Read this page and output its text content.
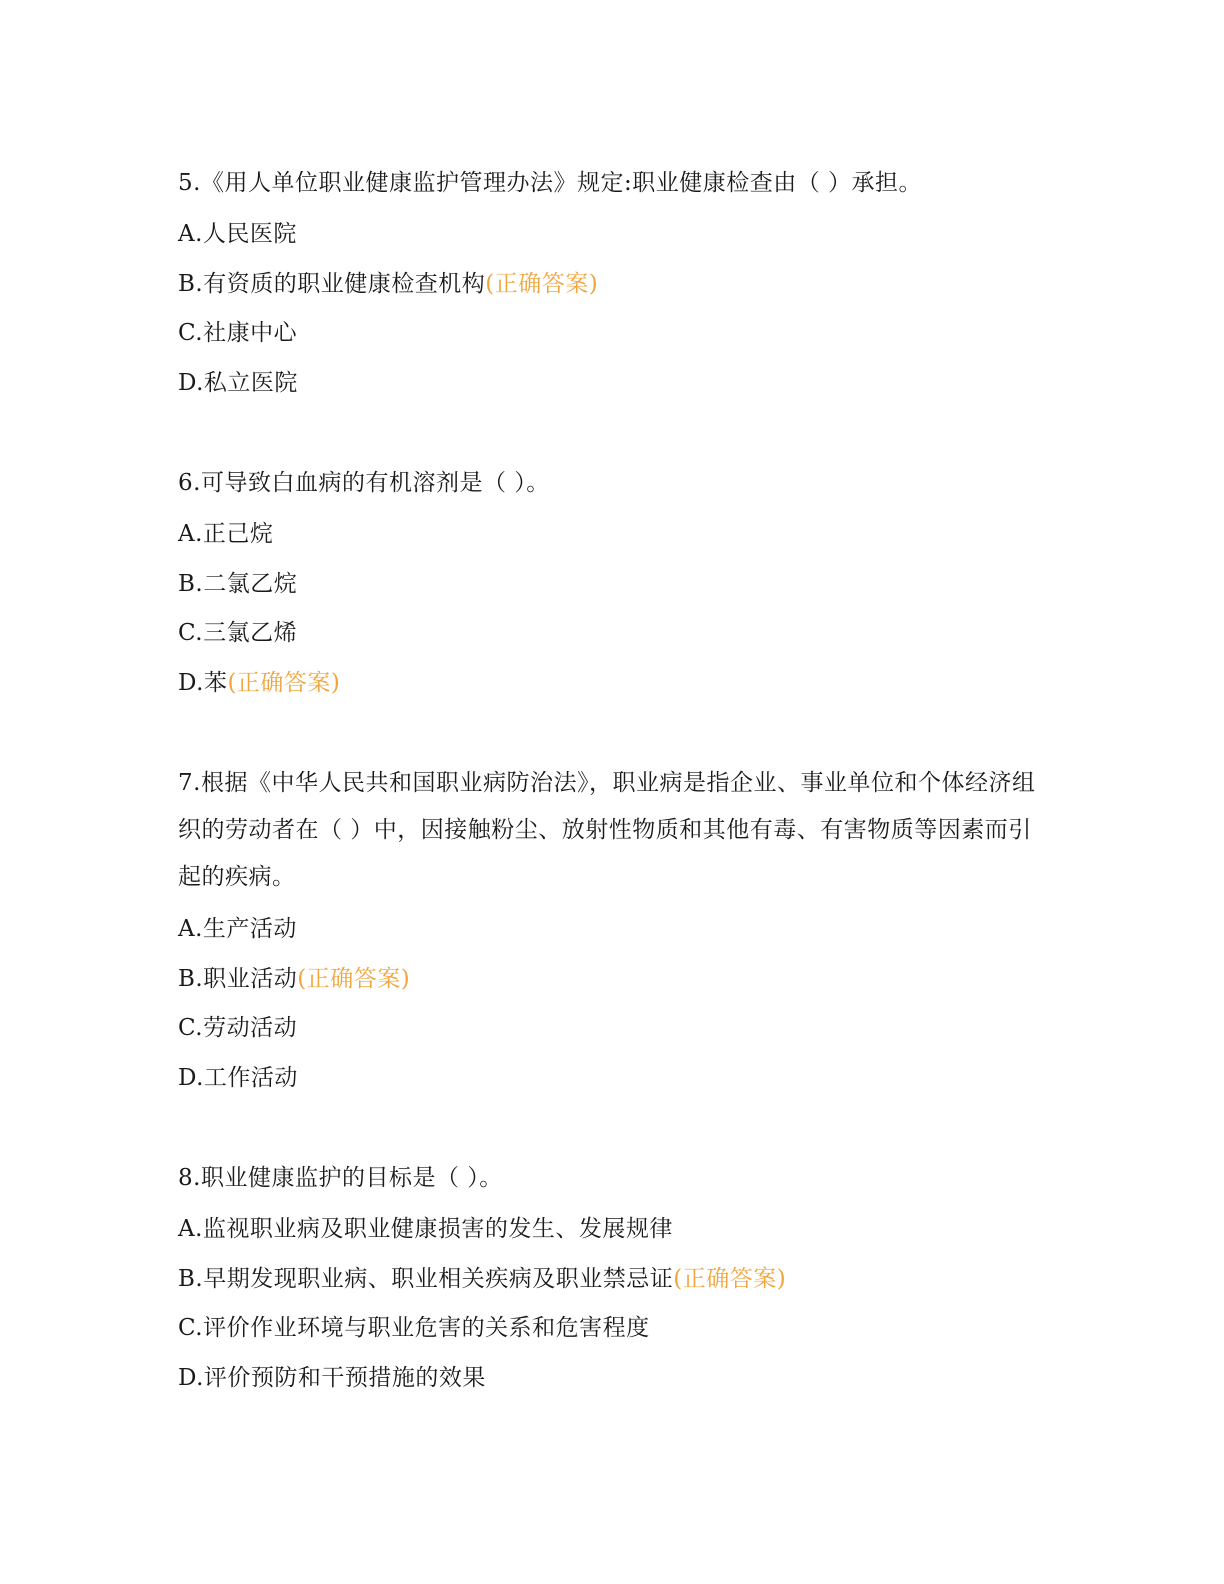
5.《用人单位职业健康监护管理办法》规定:职业健康检查由（ ）承担。

A.人民医院

B.有资质的职业健康检查机构(正确答案)

C.社康中心

D.私立医院

6.可导致白血病的有机溶剂是（ ）。

A.正己烷

B.二氯乙烷

C.三氯乙烯

D.苯(正确答案)

7.根据《中华人民共和国职业病防治法》，职业病是指企业、事业单位和个体经济组织的劳动者在（ ）中，因接触粉尘、放射性物质和其他有毒、有害物质等因素而引起的疾病。

A.生产活动

B.职业活动(正确答案)

C.劳动活动

D.工作活动

8.职业健康监护的目标是（ ）。

A.监视职业病及职业健康损害的发生、发展规律

B.早期发现职业病、职业相关疾病及职业禁忌证(正确答案)

C.评价作业环境与职业危害的关系和危害程度

D.评价预防和干预措施的效果
